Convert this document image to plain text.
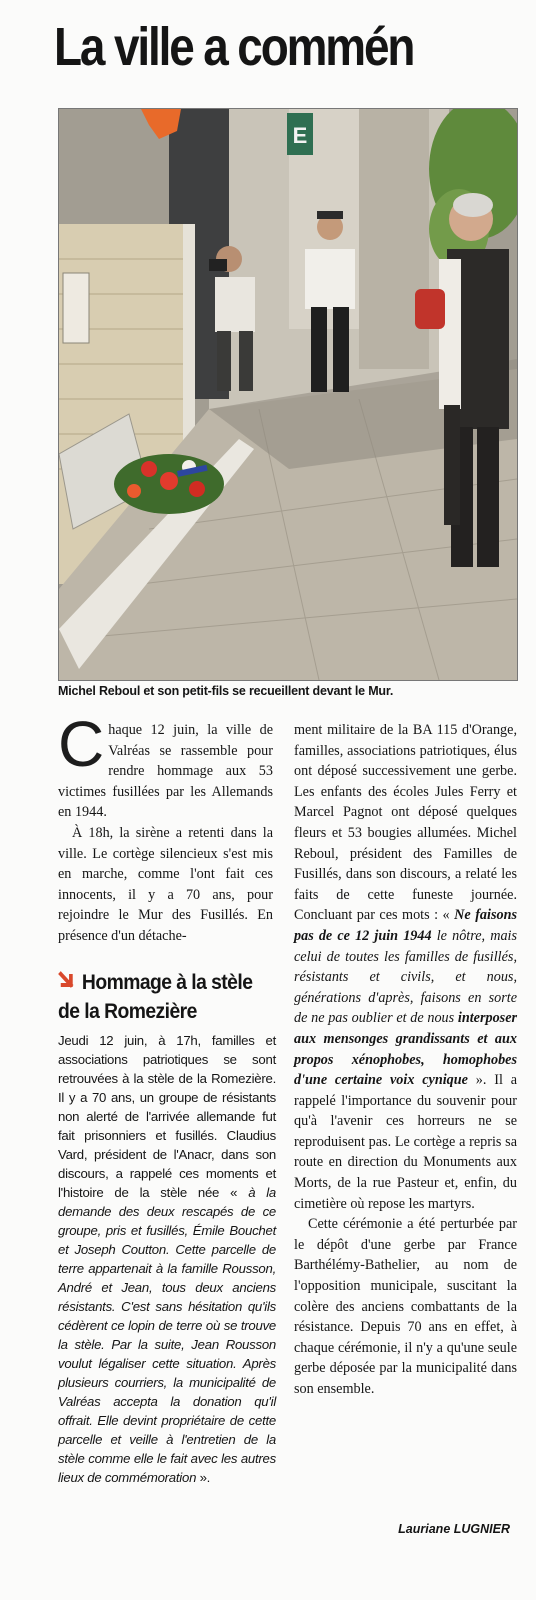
La ville a commén
E
Michel Reboul et son petit-fils se recueillent devant le Mur.

Chaque 12 juin, la ville de Valréas se rassemble pour rendre hommage aux 53 victimes fusillées par les Allemands en 1944.

À 18h, la sirène a retenti dans la ville. Le cortège silencieux s'est mis en marche, comme l'ont fait ces innocents, il y a 70 ans, pour rejoindre le Mur des Fusillés. En présence d'un détache-

Hommage à la stèle
de la Romezière

Jeudi 12 juin, à 17h, familles et associations patriotiques se sont retrouvées à la stèle de la Romezière. Il y a 70 ans, un groupe de résistants non alerté de l'arrivée allemande fut fait prisonniers et fusillés. Claudius Vard, président de l'Anacr, dans son discours, a rappelé ces moments et l'histoire de la stèle née « à la demande des deux rescapés de ce groupe, pris et fusillés, Émile Bouchet et Joseph Coutton. Cette parcelle de terre appartenait à la famille Rousson, André et Jean, tous deux anciens résistants. C'est sans hésitation qu'ils cédèrent ce lopin de terre où se trouve la stèle. Par la suite, Jean Rousson voulut légaliser cette situation. Après plusieurs courriers, la municipalité de Valréas accepta la donation qu'il offrait. Elle devint propriétaire de cette parcelle et veille à l'entretien de la stèle comme elle le fait avec les autres lieux de commémoration ».

ment militaire de la BA 115 d'Orange, familles, associations patriotiques, élus ont déposé successivement une gerbe. Les enfants des écoles Jules Ferry et Marcel Pagnot ont déposé quelques fleurs et 53 bougies allumées. Michel Reboul, président des Familles de Fusillés, dans son discours, a relaté les faits de cette funeste journée. Concluant par ces mots : « Ne faisons pas de ce 12 juin 1944 le nôtre, mais celui de toutes les familles de fusillés, résistants et civils, et nous, générations d'après, faisons en sorte de ne pas oublier et de nous interposer aux mensonges grandissants et aux propos xénophobes, homophobes d'une certaine voix cynique ». Il a rappelé l'importance du souvenir pour qu'à l'avenir ces horreurs ne se reproduisent pas. Le cortège a repris sa route en direction du Monuments aux Morts, de la rue Pasteur et, enfin, du cimetière où repose les martyrs.

Cette cérémonie a été perturbée par le dépôt d'une gerbe par France Barthélémy-Bathelier, au nom de l'opposition municipale, suscitant la colère des anciens combattants de la résistance. Depuis 70 ans en effet, à chaque cérémonie, il n'y a qu'une seule gerbe déposée par la municipalité dans son ensemble.

Lauriane LUGNIER
